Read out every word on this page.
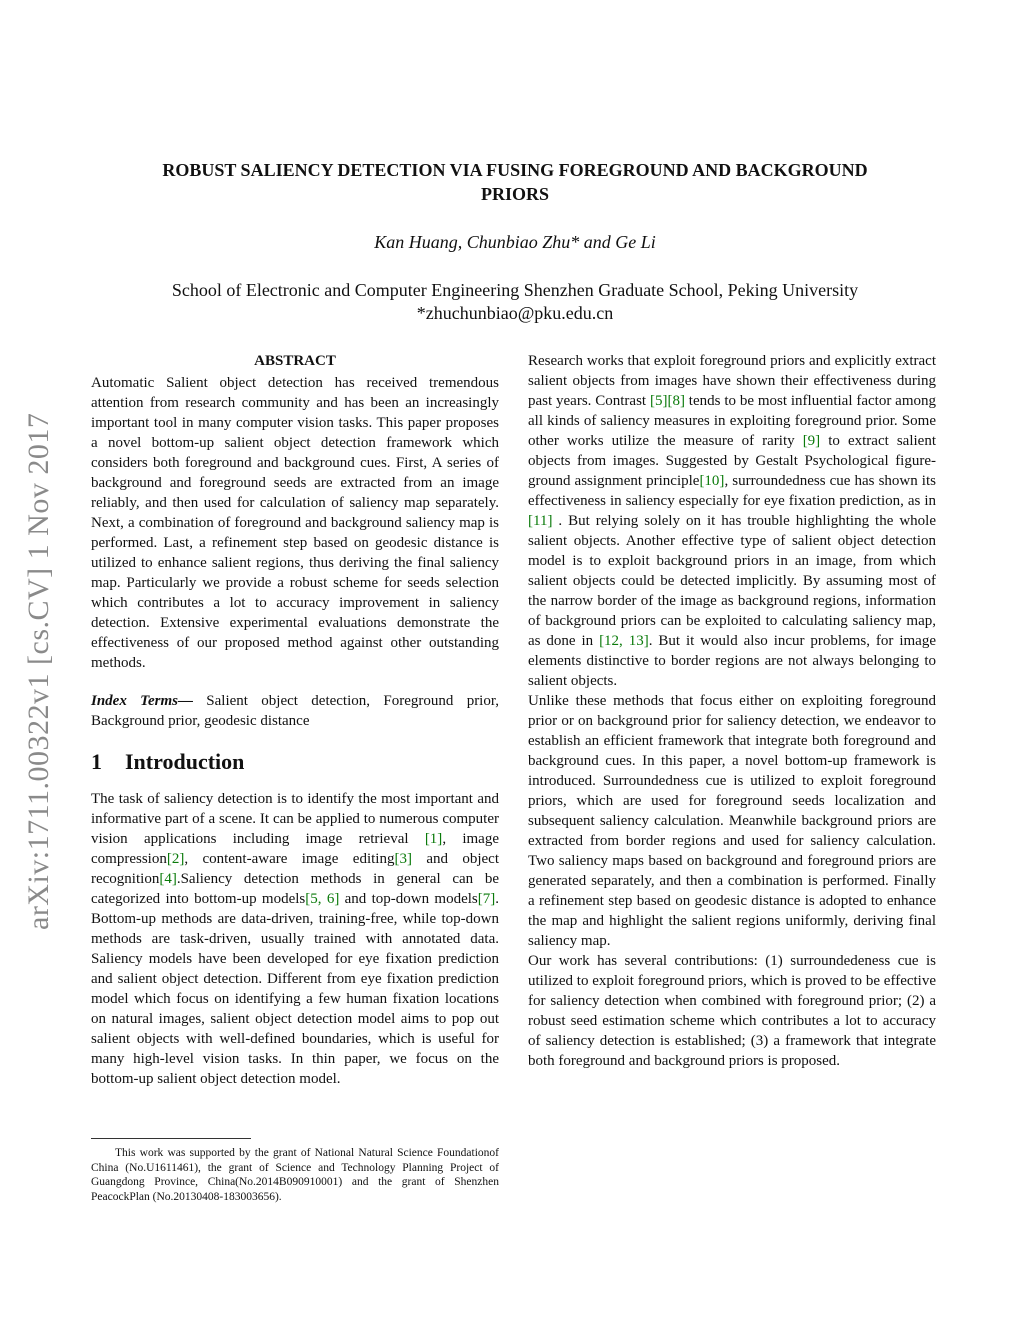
arXiv:1711.00322v1 [cs.CV] 1 Nov 2017
ROBUST SALIENCY DETECTION VIA FUSING FOREGROUND AND BACKGROUND
PRIORS
Kan Huang, Chunbiao Zhu* and Ge Li
School of Electronic and Computer Engineering Shenzhen Graduate School, Peking University
*zhuchunbiao@pku.edu.cn
ABSTRACT

Automatic Salient object detection has received tremendous attention from research community and has been an increasingly important tool in many computer vision tasks. This paper proposes a novel bottom-up salient object detection framework which considers both foreground and background cues. First, A series of background and foreground seeds are extracted from an image reliably, and then used for calculation of saliency map separately. Next, a combination of foreground and background saliency map is performed. Last, a refinement step based on geodesic distance is utilized to enhance salient regions, thus deriving the final saliency map. Particularly we provide a robust scheme for seeds selection which contributes a lot to accuracy improvement in saliency detection. Extensive experimental evaluations demonstrate the effectiveness of our proposed method against other outstanding methods.

Index Terms— Salient object detection, Foreground prior, Background prior, geodesic distance

1 Introduction

The task of saliency detection is to identify the most important and informative part of a scene. It can be applied to numerous computer vision applications including image retrieval [1], image compression[2], content-aware image editing[3] and object recognition[4].Saliency detection methods in general can be categorized into bottom-up models[5, 6] and top-down models[7]. Bottom-up methods are data-driven, training-free, while top-down methods are task-driven, usually trained with annotated data. Saliency models have been developed for eye fixation prediction and salient object detection. Different from eye fixation prediction model which focus on identifying a few human fixation locations on natural images, salient object detection model aims to pop out salient objects with well-defined boundaries, which is useful for many high-level vision tasks. In thin paper, we focus on the bottom-up salient object detection model.

This work was supported by the grant of National Natural Science Foundationof China (No.U1611461), the grant of Science and Technology Planning Project of Guangdong Province, China(No.2014B090910001) and the grant of Shenzhen PeacockPlan (No.20130408-183003656).

Research works that exploit foreground priors and explicitly extract salient objects from images have shown their effectiveness during past years. Contrast [5][8] tends to be most influential factor among all kinds of saliency measures in exploiting foreground prior. Some other works utilize the measure of rarity [9] to extract salient objects from images. Suggested by Gestalt Psychological figure-ground assignment principle[10], surroundedness cue has shown its effectiveness in saliency especially for eye fixation prediction, as in [11] . But relying solely on it has trouble highlighting the whole salient objects. Another effective type of salient object detection model is to exploit background priors in an image, from which salient objects could be detected implicitly. By assuming most of the narrow border of the image as background regions, information of background priors can be exploited to calculating saliency map, as done in [12, 13]. But it would also incur problems, for image elements distinctive to border regions are not always belonging to salient objects.

Unlike these methods that focus either on exploiting foreground prior or on background prior for saliency detection, we endeavor to establish an efficient framework that integrate both foreground and background cues. In this paper, a novel bottom-up framework is introduced. Surroundedness cue is utilized to exploit foreground priors, which are used for foreground seeds localization and subsequent saliency calculation. Meanwhile background priors are extracted from border regions and used for saliency calculation. Two saliency maps based on background and foreground priors are generated separately, and then a combination is performed. Finally a refinement step based on geodesic distance is adopted to enhance the map and highlight the salient regions uniformly, deriving final saliency map.

Our work has several contributions: (1) surroundedeness cue is utilized to exploit foreground priors, which is proved to be effective for saliency detection when combined with foreground prior; (2) a robust seed estimation scheme which contributes a lot to accuracy of saliency detection is established; (3) a framework that integrate both foreground and background priors is proposed.
